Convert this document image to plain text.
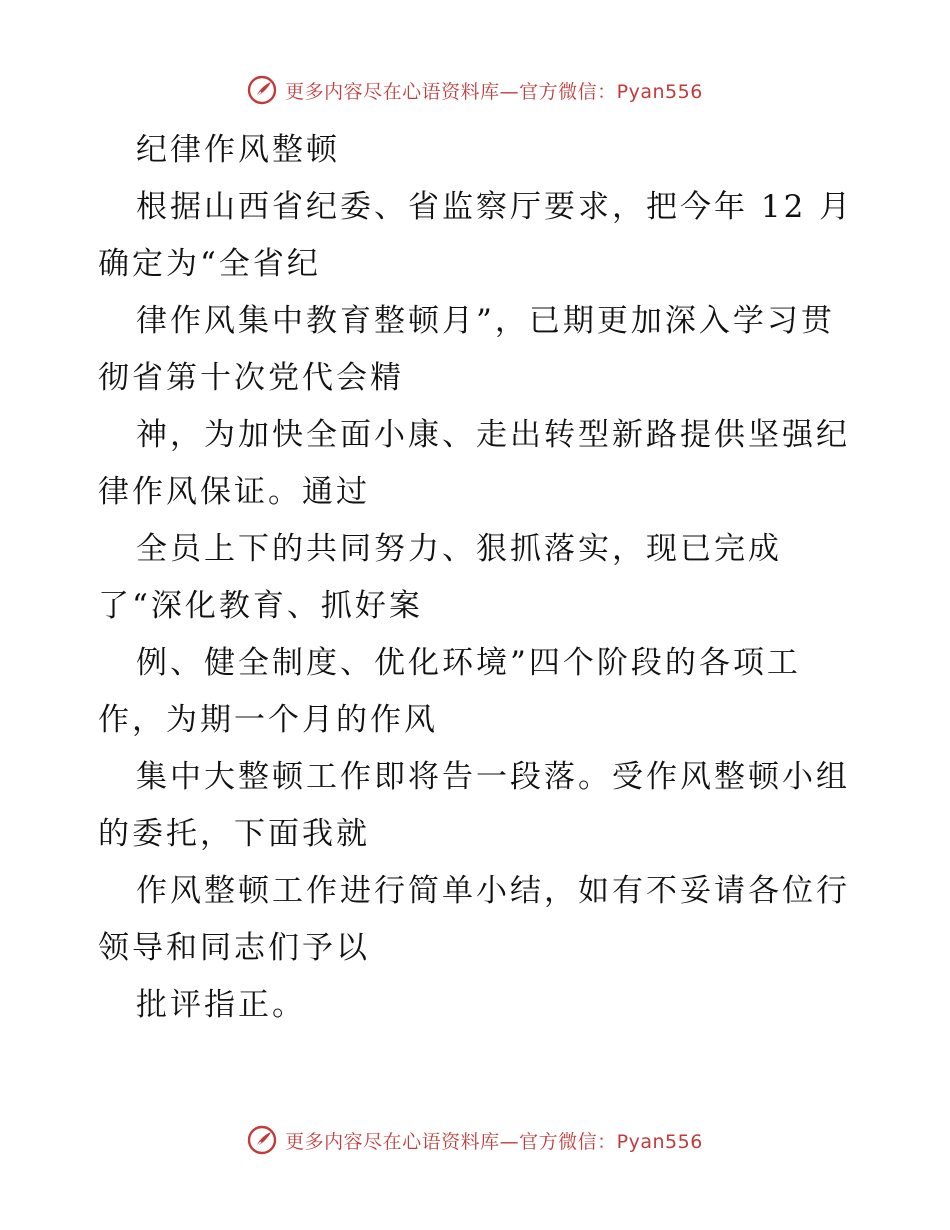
更多内容尽在心语资料库—官方微信：Pyan556

纪律作风整顿

根据山西省纪委、省监察厅要求，把今年 12 月确定为“全省纪

律作风集中教育整顿月”，已期更加深入学习贯彻省第十次党代会精

神，为加快全面小康、走出转型新路提供坚强纪律作风保证。通过

全员上下的共同努力、狠抓落实，现已完成了“深化教育、抓好案

例、健全制度、优化环境”四个阶段的各项工作，为期一个月的作风

集中大整顿工作即将告一段落。受作风整顿小组的委托，下面我就

作风整顿工作进行简单小结，如有不妥请各位行领导和同志们予以

批评指正。

更多内容尽在心语资料库—官方微信：Pyan556
